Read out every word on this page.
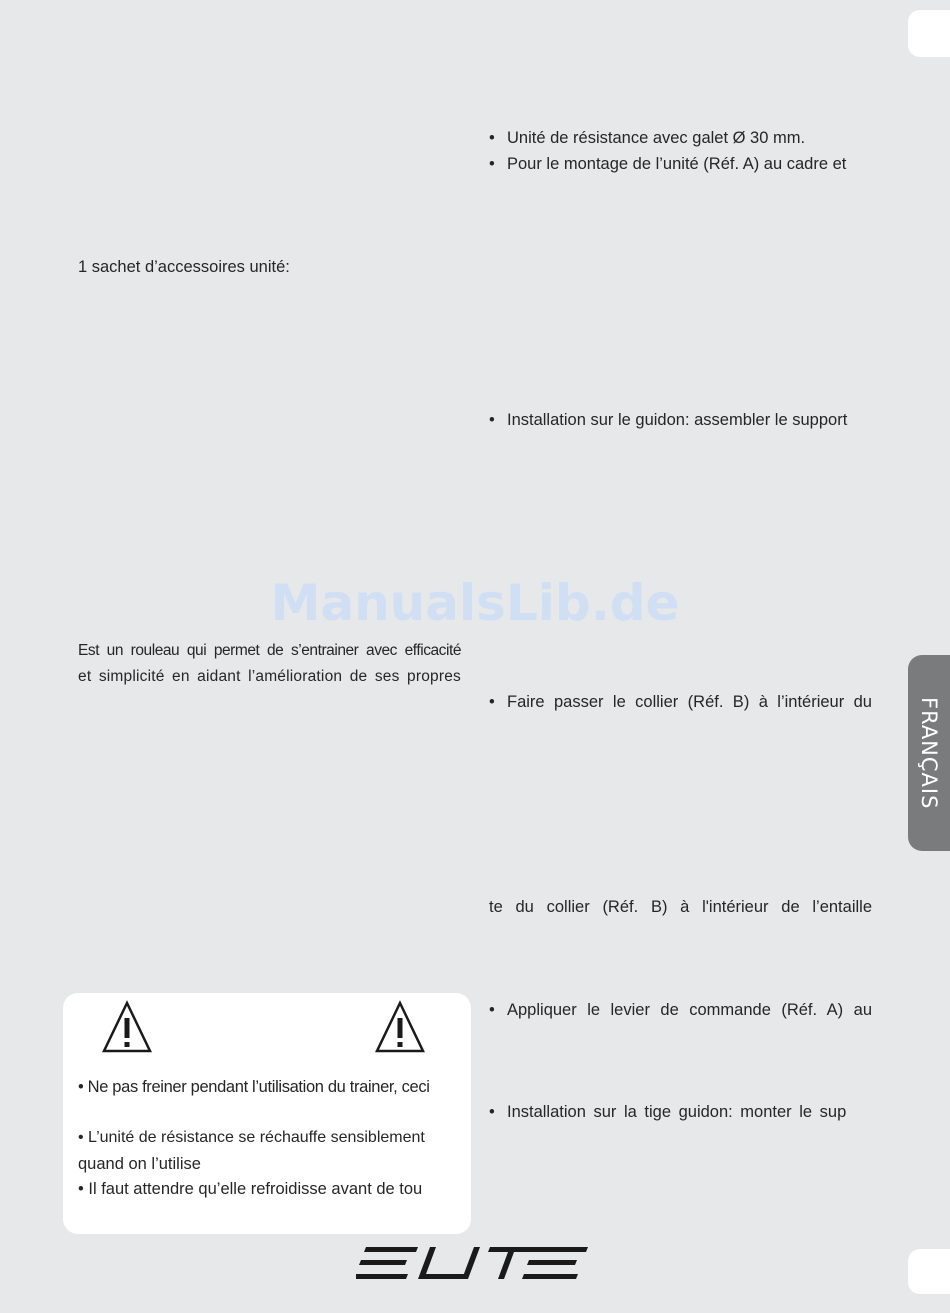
• Unité de résistance avec galet Ø 30 mm.
• Pour le montage de l’unité (Réf. A) au cadre et
1 sachet d’accessoires unité:
• Installation sur le guidon: assembler le support
ManualsLib.de
Est un rouleau qui permet de s’entrainer avec efficacité
et simplicité en aidant l’amélioration de ses propres
• Faire passer le collier (Réf. B) à l’intérieur du
te du collier (Réf. B) à l'intérieur de l’entaille
• Ne pas freiner pendant l’utilisation du trainer, ceci
• L’unité de résistance se réchauffe sensiblement
quand on l’utilise
• Il faut attendre qu’elle refroidisse avant de tou
• Appliquer le levier de commande (Réf. A) au
• Installation sur la tige guidon: monter le sup
FRANÇAIS
